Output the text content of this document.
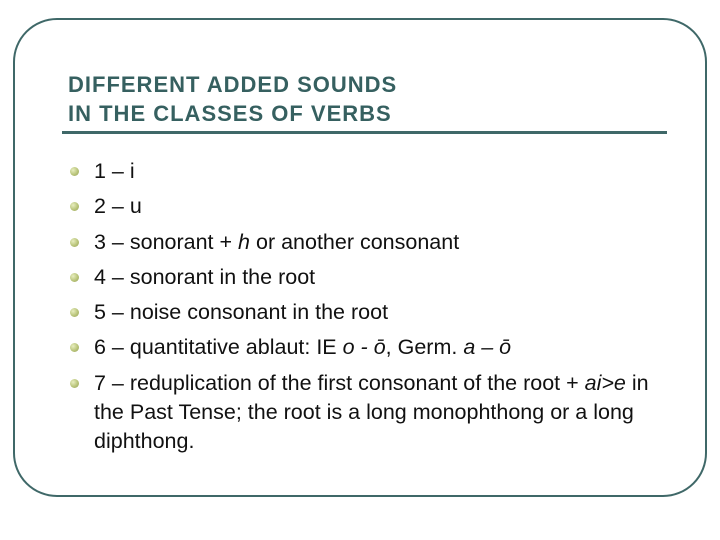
DIFFERENT ADDED SOUNDS
IN THE CLASSES OF VERBS
1 – i
2 – u
3 – sonorant + h or another consonant
4 – sonorant in the root
5 – noise consonant in the root
6 – quantitative ablaut: IE o - ō, Germ. a – ō
7 – reduplication of the first consonant of the root + ai>e in the Past Tense; the root is a long monophthong or a long diphthong.
